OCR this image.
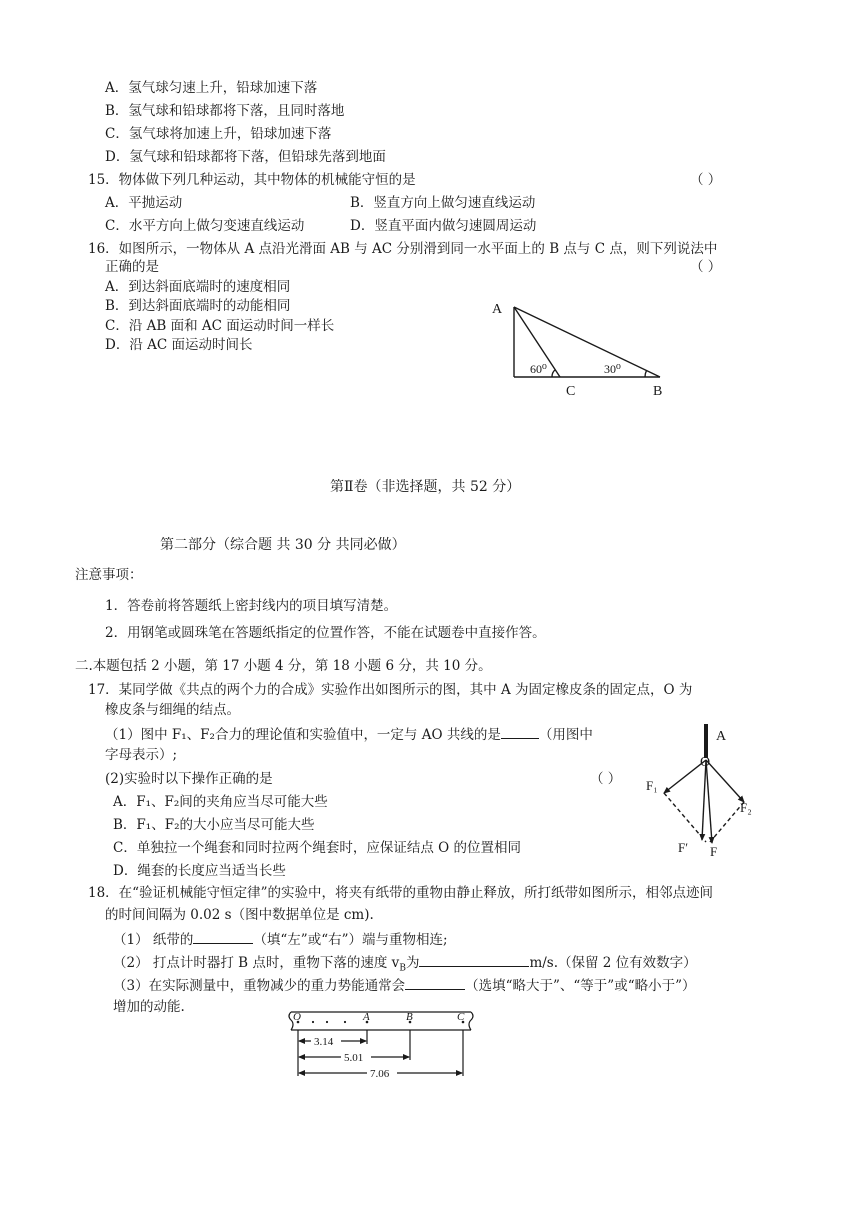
A．氢气球匀速上升，铅球加速下落
B．氢气球和铅球都将下落，且同时落地
C．氢气球将加速上升，铅球加速下落
D．氢气球和铅球都将下落，但铅球先落到地面
15．物体做下列几种运动，其中物体的机械能守恒的是	（ ）
A．平抛运动	B．竖直方向上做匀速直线运动
C．水平方向上做匀变速直线运动	D．竖直平面内做匀速圆周运动
16．如图所示，一物体从 A 点沿光滑面 AB 与 AC 分别滑到同一水平面上的 B 点与 C 点，则下列说法中
正确的是	（ ）
A．到达斜面底端时的速度相同
B．到达斜面底端时的动能相同
C．沿 AB 面和 AC 面运动时间一样长
D．沿 AC 面运动时间长
A
60⁰	30⁰
C	B
第Ⅱ卷（非选择题，共 52 分）
第二部分（综合题 共 30 分 共同必做）
注意事项：
1．答卷前将答题纸上密封线内的项目填写清楚。
2．用钢笔或圆珠笔在答题纸指定的位置作答，不能在试题卷中直接作答。
二.本题包括 2 小题，第 17 小题 4 分，第 18 小题 6 分，共 10 分。
17．某同学做《共点的两个力的合成》实验作出如图所示的图，其中 A 为固定橡皮条的固定点，O 为
橡皮条与细绳的结点。
（1）图中 F₁、F₂合力的理论值和实验值中，一定与 AO 共线的是	（用图中
字母表示）;
(2)实验时以下操作正确的是	（ ）
A．F₁、F₂间的夹角应当尽可能大些
B．F₁、F₂的大小应当尽可能大些
C．单独拉一个绳套和同时拉两个绳套时，应保证结点 O 的位置相同
D．绳套的长度应当适当长些
A
O
F₁
F₂
F′ F
18．在“验证机械能守恒定律”的实验中，将夹有纸带的重物由静止释放，所打纸带如图所示，相邻点迹间
的时间间隔为 0.02 s（图中数据单位是 cm).
（1） 纸带的	（填“左”或“右”）端与重物相连;
（2） 打点计时器打 B 点时，重物下落的速度 $v_B$为	m/s.（保留 2 位有效数字）
（3）在实际测量中，重物减少的重力势能通常会	（选填“略大于”、“等于”或“略小于”）
增加的动能.
O	A	B	C
3.14
5.01
7.06
